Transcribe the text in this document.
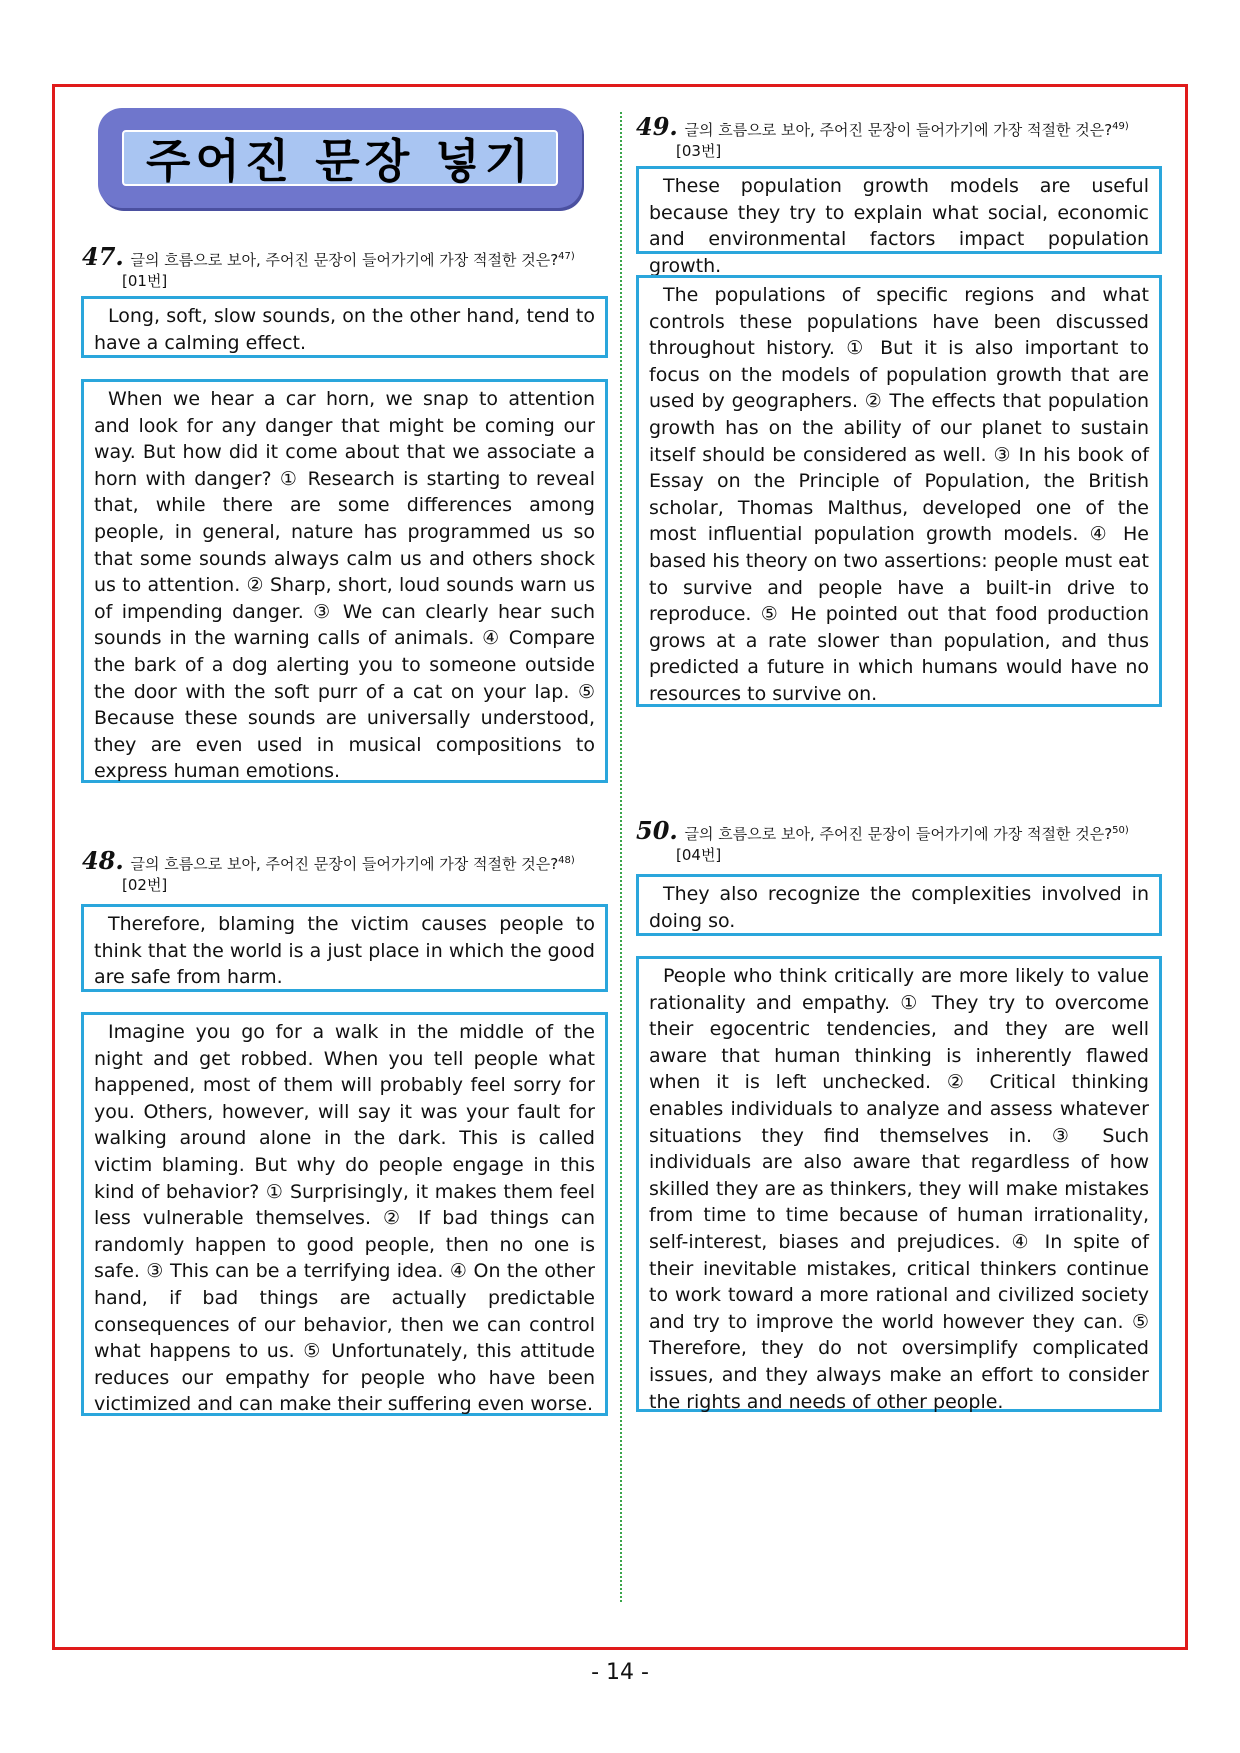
주어진 문장 넣기
47. 글의 흐름으로 보아, 주어진 문장이 들어가기에 가장 적절한 것은?$^{47)}$
[01번]
Long, soft, slow sounds, on the other hand, tend to have a calming effect.
When we hear a car horn, we snap to attention and look for any danger that might be coming our way. But how did it come about that we associate a horn with danger? ① Research is starting to reveal that, while there are some differences among people, in general, nature has programmed us so that some sounds always calm us and others shock us to attention. ② Sharp, short, loud sounds warn us of impending danger. ③ We can clearly hear such sounds in the warning calls of animals. ④ Compare the bark of a dog alerting you to someone outside the door with the soft purr of a cat on your lap. ⑤ Because these sounds are universally understood, they are even used in musical compositions to express human emotions.
48. 글의 흐름으로 보아, 주어진 문장이 들어가기에 가장 적절한 것은?$^{48)}$
[02번]
Therefore, blaming the victim causes people to think that the world is a just place in which the good are safe from harm.
Imagine you go for a walk in the middle of the night and get robbed. When you tell people what happened, most of them will probably feel sorry for you. Others, however, will say it was your fault for walking around alone in the dark. This is called victim blaming. But why do people engage in this kind of behavior? ① Surprisingly, it makes them feel less vulnerable themselves. ② If bad things can randomly happen to good people, then no one is safe. ③ This can be a terrifying idea. ④ On the other hand, if bad things are actually predictable consequences of our behavior, then we can control what happens to us. ⑤ Unfortunately, this attitude reduces our empathy for people who have been victimized and can make their suffering even worse.
49. 글의 흐름으로 보아, 주어진 문장이 들어가기에 가장 적절한 것은?$^{49)}$
[03번]
These population growth models are useful because they try to explain what social, economic and environmental factors impact population growth.
The populations of specific regions and what controls these populations have been discussed throughout history. ① But it is also important to focus on the models of population growth that are used by geographers. ② The effects that population growth has on the ability of our planet to sustain itself should be considered as well. ③ In his book of Essay on the Principle of Population, the British scholar, Thomas Malthus, developed one of the most influential population growth models. ④ He based his theory on two assertions: people must eat to survive and people have a built-in drive to reproduce. ⑤ He pointed out that food production grows at a rate slower than population, and thus predicted a future in which humans would have no resources to survive on.
50. 글의 흐름으로 보아, 주어진 문장이 들어가기에 가장 적절한 것은?$^{50)}$
[04번]
They also recognize the complexities involved in doing so.
People who think critically are more likely to value rationality and empathy. ① They try to overcome their egocentric tendencies, and they are well aware that human thinking is inherently flawed when it is left unchecked. ② Critical thinking enables individuals to analyze and assess whatever situations they find themselves in. ③ Such individuals are also aware that regardless of how skilled they are as thinkers, they will make mistakes from time to time because of human irrationality, self-interest, biases and prejudices. ④ In spite of their inevitable mistakes, critical thinkers continue to work toward a more rational and civilized society and try to improve the world however they can. ⑤ Therefore, they do not oversimplify complicated issues, and they always make an effort to consider the rights and needs of other people.
- 14 -
